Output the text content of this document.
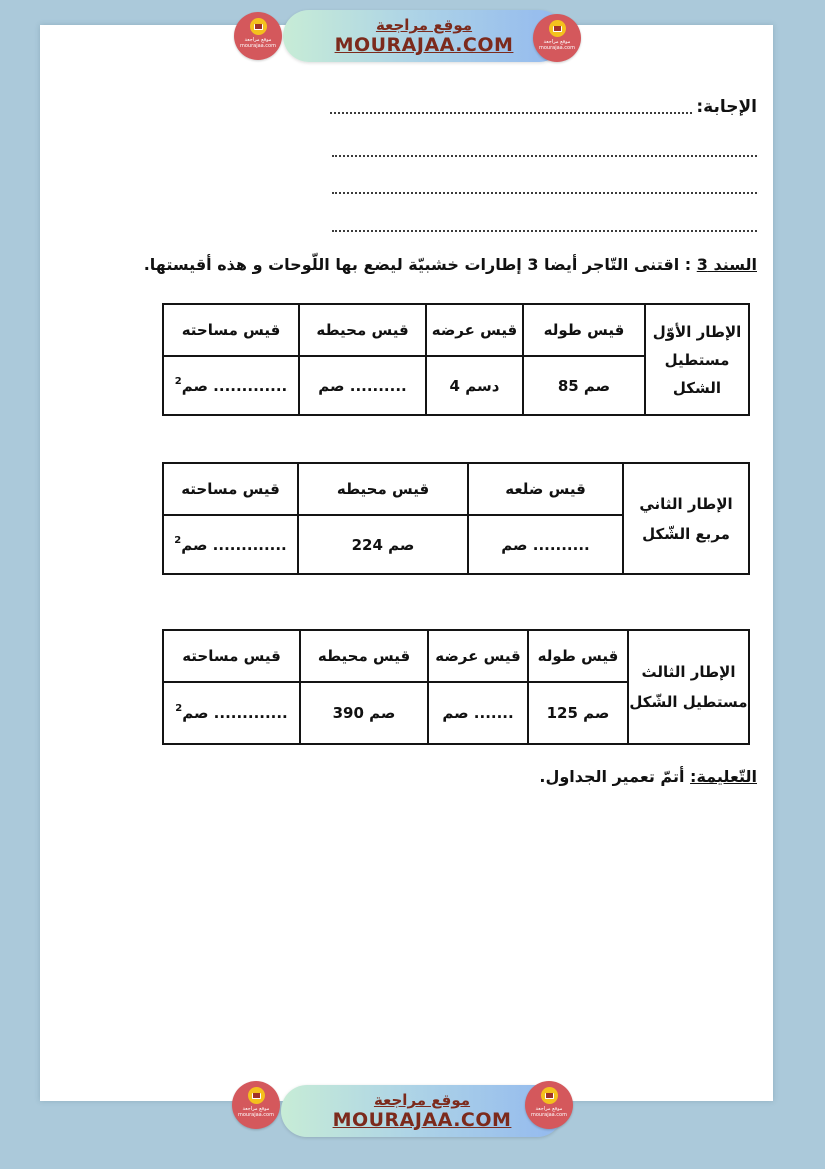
موقع مراجعة
MOURAJAA.COM
موقع مراجعة
mourajaa.com
موقع مراجعة
mourajaa.com
الإجابة:
السند 3 : اقتنى التّاجر أيضا 3 إطارات خشبيّة ليضع بها اللّوحات و هذه أقيستها.
الإطار الأوّل
مستطيل
الشكل	قيس طوله	قيس عرضه	قيس محيطه	قيس مساحته
	85 صم	4 دسم	.......... صم	............. صم$^2$
الإطار الثاني
مربع الشّكل	قيس ضلعه	قيس محيطه	قيس مساحته
	.......... صم	224 صم	............. صم$^2$
الإطار الثالث
مستطيل الشّكل	قيس طوله	قيس عرضه	قيس محيطه	قيس مساحته
	125 صم	....... صم	390 صم	............. صم$^2$
التّعليمة: أتمّ تعمير الجداول.
موقع مراجعة
MOURAJAA.COM
موقع مراجعة
mourajaa.com
موقع مراجعة
mourajaa.com
